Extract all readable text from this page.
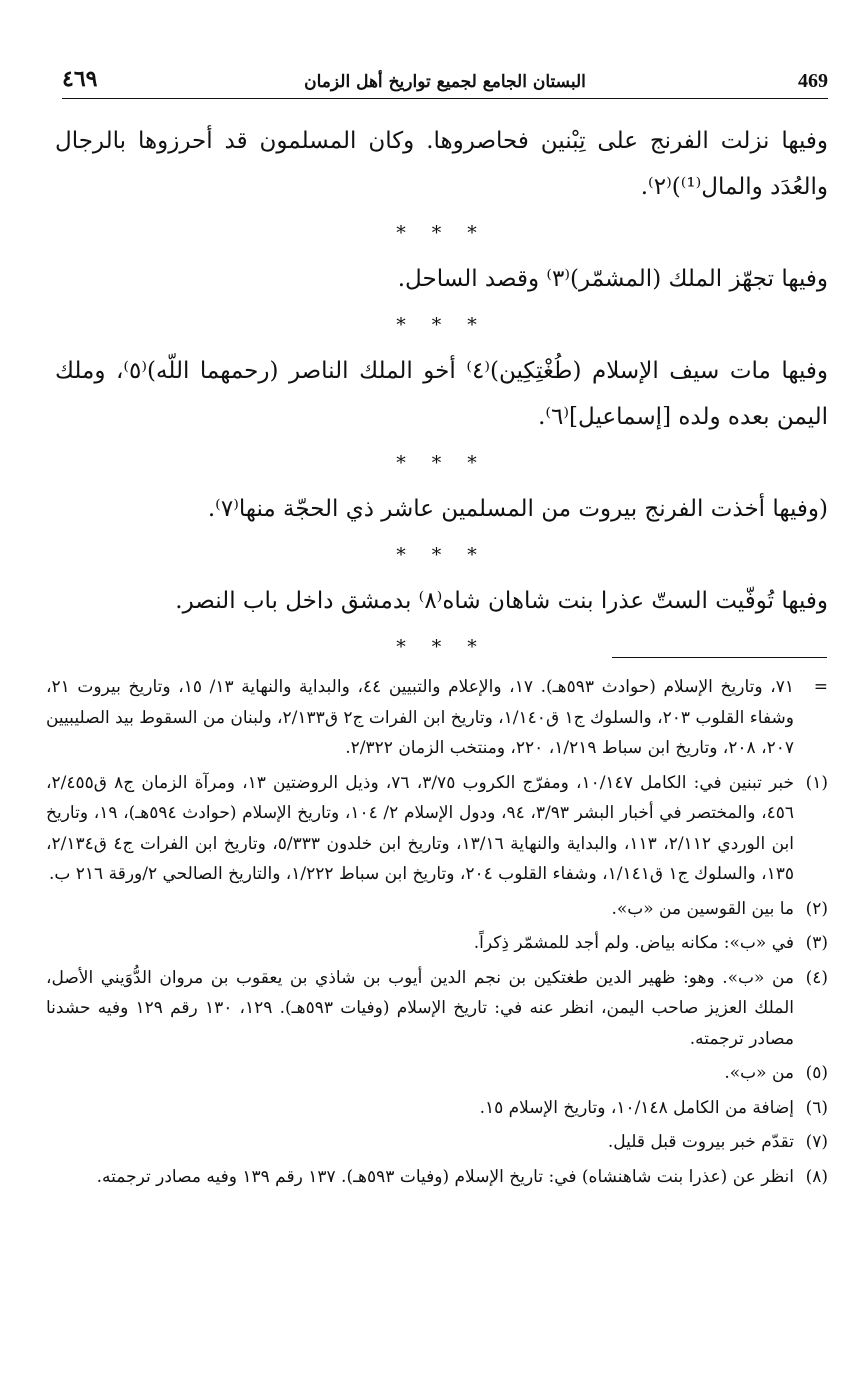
٤٦٩	البستان الجامع لجميع تواريخ أهل الزمان	469

وفيها نزلت الفرنج على تِبْنين فحاصروها. وكان المسلمون قد أحرزوها بالرجال والعُدَد والمال⁽¹⁾)⁽٢⁾.

* * *

وفيها تجهّز الملك (المشمّر)⁽٣⁾ وقصد الساحل.

* * *

وفيها مات سيف الإسلام (طُغْتِكِين)⁽٤⁾ أخو الملك الناصر (رحمهما اللّه)⁽٥⁾، وملك اليمن بعده ولده [إسماعيل]⁽٦⁾.

* * *

(وفيها أخذت الفرنج بيروت من المسلمين عاشر ذي الحجّة منها⁽٧⁾.

* * *

وفيها تُوفّيت الستّ عذرا بنت شاهان شاه⁽٨⁾ بدمشق داخل باب النصر.

* * *
=
٧١، وتاريخ الإسلام (حوادث ٥٩٣هـ). ١٧، والإعلام والتبيين ٤٤، والبداية والنهاية ١٣/ ١٥، وتاريخ بيروت ٢١، وشفاء القلوب ٢٠٣، والسلوك ج١ ق١/١٤٠، وتاريخ ابن الفرات ج٢ ق٢/١٣٣، ولبنان من السقوط بيد الصليبيين ٢٠٧، ٢٠٨، وتاريخ ابن سباط ١/٢١٩، ٢٢٠، ومنتخب الزمان ٢/٣٢٢.
(١)
خبر تبنين في: الكامل ١٠/١٤٧، ومفرّج الكروب ٣/٧٥، ٧٦، وذيل الروضتين ١٣، ومرآة الزمان ج٨ ق٢/٤٥٥، ٤٥٦، والمختصر في أخبار البشر ٣/٩٣، ٩٤، ودول الإسلام ٢/ ١٠٤، وتاريخ الإسلام (حوادث ٥٩٤هـ)، ١٩، وتاريخ ابن الوردي ٢/١١٢، ١١٣، والبداية والنهاية ١٣/١٦، وتاريخ ابن خلدون ٥/٣٣٣، وتاريخ ابن الفرات ج٤ ق٢/١٣٤، ١٣٥، والسلوك ج١ ق١/١٤١، وشفاء القلوب ٢٠٤، وتاريخ ابن سباط ١/٢٢٢، والتاريخ الصالحي ٢/ورقة ٢١٦ ب.
(٢)
ما بين القوسين من «ب».
(٣)
في «ب»: مكانه بياض. ولم أجد للمشمّر ذِكراً.
(٤)
من «ب». وهو: ظهير الدين طغتكين بن نجم الدين أيوب بن شاذي بن يعقوب بن مروان الدُّوَيني الأصل، الملك العزيز صاحب اليمن، انظر عنه في: تاريخ الإسلام (وفيات ٥٩٣هـ). ١٢٩، ١٣٠ رقم ١٢٩ وفيه حشدنا مصادر ترجمته.
(٥)
من «ب».
(٦)
إضافة من الكامل ١٠/١٤٨، وتاريخ الإسلام ١٥.
(٧)
تقدّم خبر بيروت قبل قليل.
(٨)
انظر عن (عذرا بنت شاهنشاه) في: تاريخ الإسلام (وفيات ٥٩٣هـ). ١٣٧ رقم ١٣٩ وفيه مصادر ترجمته.
